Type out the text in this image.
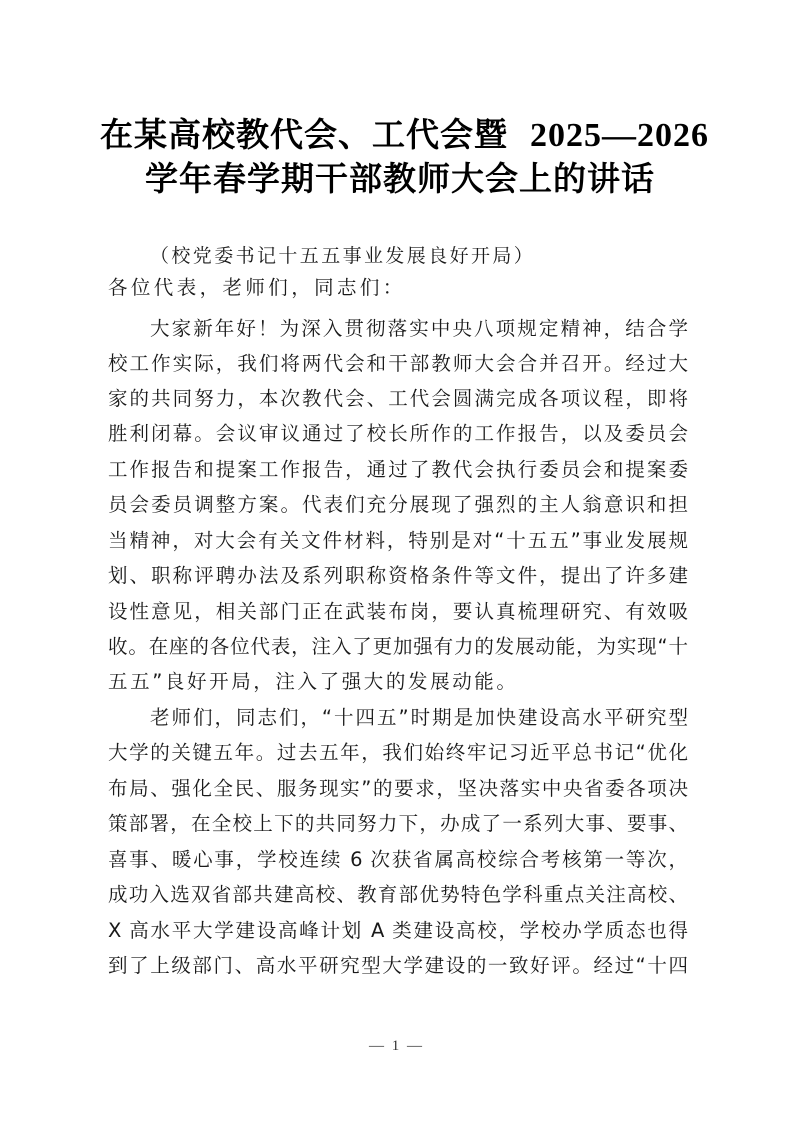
在某高校教代会、工代会暨 2025—2026
学年春学期干部教师大会上的讲话
（校党委书记十五五事业发展良好开局）
各位代表，老师们，同志们：
大家新年好！为深入贯彻落实中央八项规定精神，结合学
校工作实际，我们将两代会和干部教师大会合并召开。经过大
家的共同努力，本次教代会、工代会圆满完成各项议程，即将
胜利闭幕。会议审议通过了校长所作的工作报告，以及委员会
工作报告和提案工作报告，通过了教代会执行委员会和提案委
员会委员调整方案。代表们充分展现了强烈的主人翁意识和担
当精神，对大会有关文件材料，特别是对“十五五”事业发展规
划、职称评聘办法及系列职称资格条件等文件，提出了许多建
设性意见，相关部门正在武装布岗，要认真梳理研究、有效吸
收。在座的各位代表，注入了更加强有力的发展动能，为实现“十
五五”良好开局，注入了强大的发展动能。
老师们，同志们，“十四五”时期是加快建设高水平研究型
大学的关键五年。过去五年，我们始终牢记习近平总书记“优化
布局、强化全民、服务现实”的要求，坚决落实中央省委各项决
策部署，在全校上下的共同努力下，办成了一系列大事、要事、
喜事、暖心事，学校连续 6 次获省属高校综合考核第一等次，
成功入选双省部共建高校、教育部优势特色学科重点关注高校、
X 高水平大学建设高峰计划 A 类建设高校，学校办学质态也得
到了上级部门、高水平研究型大学建设的一致好评。经过“十四
— 1 —
